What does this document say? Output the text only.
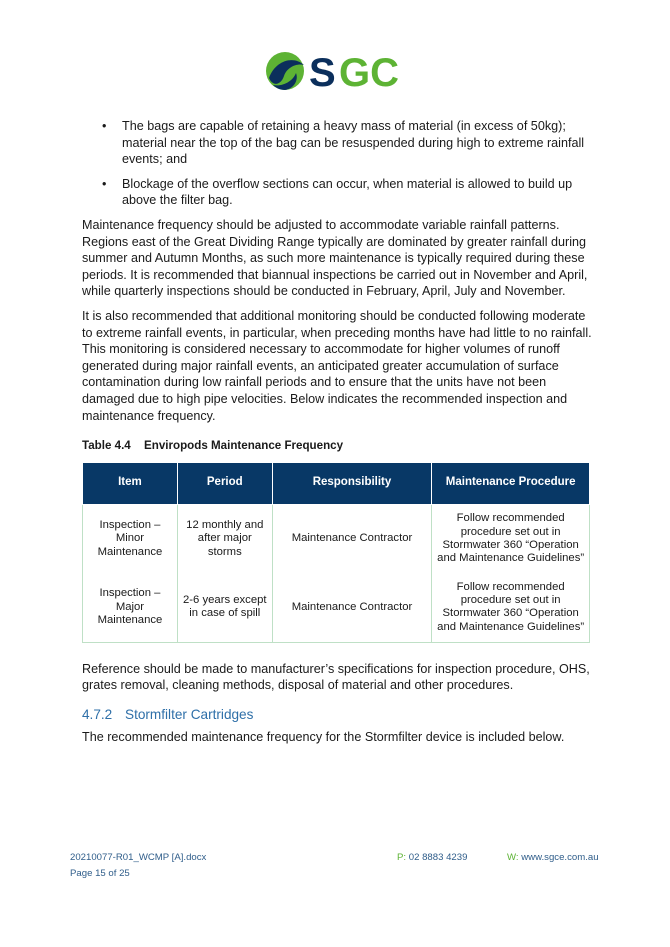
S GC
• The bags are capable of retaining a heavy mass of material (in excess of 50kg); material near the top of the bag can be resuspended during high to extreme rainfall events; and
• Blockage of the overflow sections can occur, when material is allowed to build up above the filter bag.

Maintenance frequency should be adjusted to accommodate variable rainfall patterns. Regions east of the Great Dividing Range typically are dominated by greater rainfall during summer and Autumn Months, as such more maintenance is typically required during these periods. It is recommended that biannual inspections be carried out in November and April, while quarterly inspections should be conducted in February, April, July and November.

It is also recommended that additional monitoring should be conducted following moderate to extreme rainfall events, in particular, when preceding months have had little to no rainfall. This monitoring is considered necessary to accommodate for higher volumes of runoff generated during major rainfall events, an anticipated greater accumulation of surface contamination during low rainfall periods and to ensure that the units have not been damaged due to high pipe velocities. Below indicates the recommended inspection and maintenance frequency.

Table 4.4 Enviropods Maintenance Frequency
Item	Period	Responsibility	Maintenance Procedure
Inspection – Minor Maintenance	12 monthly and after major storms	Maintenance Contractor	Follow recommended procedure set out in Stormwater 360 “Operation and Maintenance Guidelines”
Inspection – Major Maintenance	2-6 years except in case of spill	Maintenance Contractor	Follow recommended procedure set out in Stormwater 360 “Operation and Maintenance Guidelines”

Reference should be made to manufacturer’s specifications for inspection procedure, OHS, grates removal, cleaning methods, disposal of material and other procedures.

4.7.2 Stormfilter Cartridges

The recommended maintenance frequency for the Stormfilter device is included below.

20210077-R01_WCMP [A].docx
Page 15 of 25
P: 02 8883 4239	W: www.sgce.com.au
